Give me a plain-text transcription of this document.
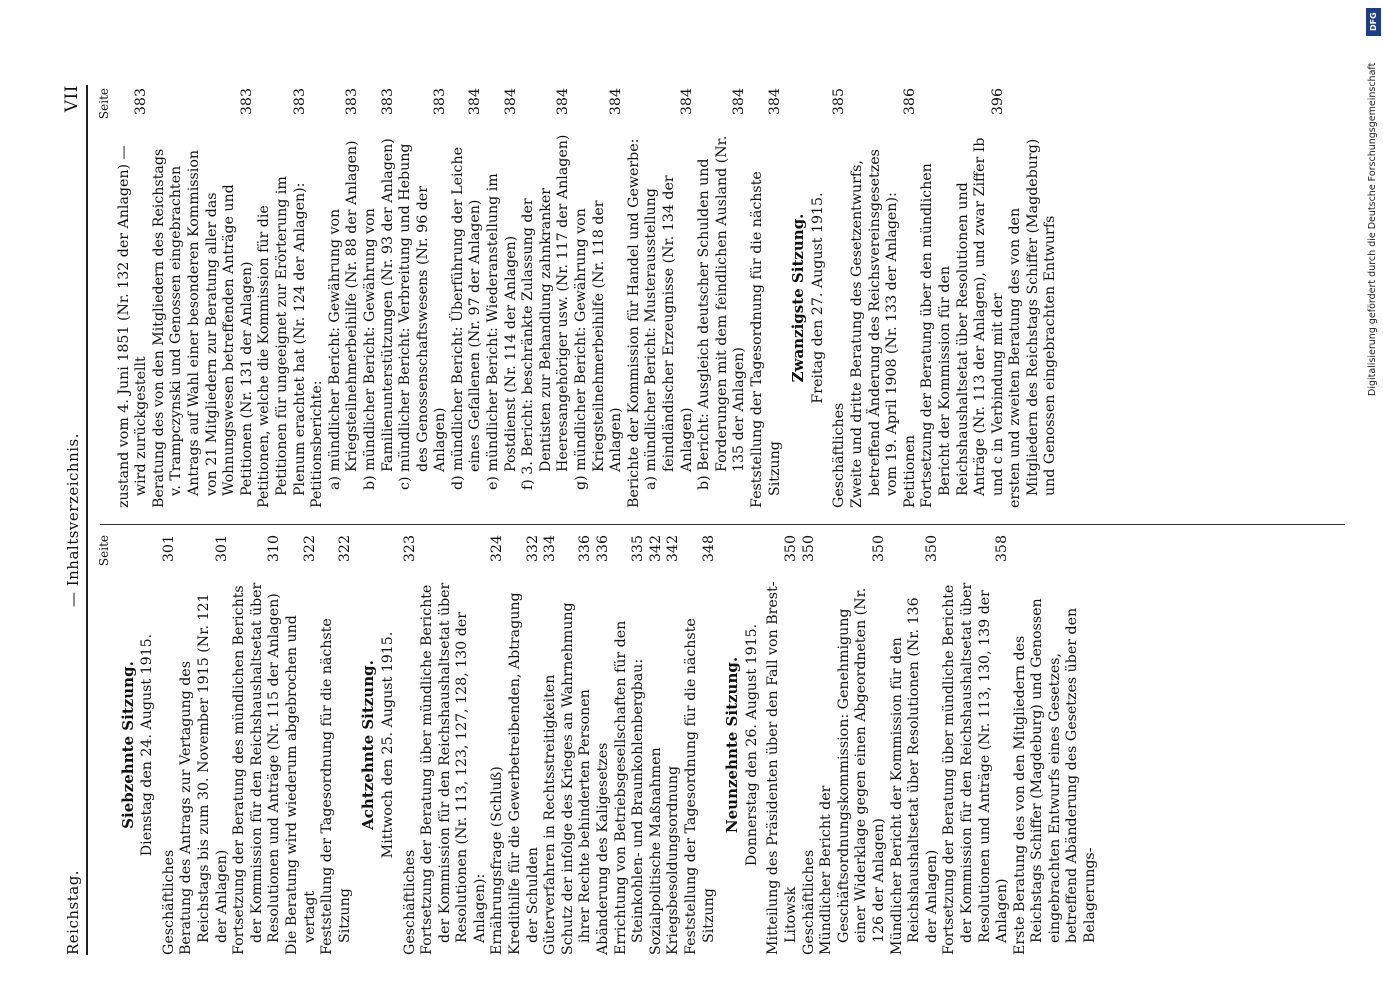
Reichstag.
— Inhaltsverzeichnis.
VII
Seite
Siebzehnte Sitzung. Dienstag den 24. August 1915.
Geschäftliches
301
Beratung des Antrags zur Vertagung des Reichstags bis zum 30. November 1915 (Nr. 121 der Anlagen)
301
Fortsetzung der Beratung des mündlichen Berichts der Kommission für den Reichshaushaltsetat über Resolutionen und Anträge (Nr. 115 der Anlagen)
310
Die Beratung wird wiederum abgebrochen und vertagt
322
Feststellung der Tagesordnung für die nächste Sitzung
322
Achtzehnte Sitzung. Mittwoch den 25. August 1915.
Geschäftliches
323
Fortsetzung der Beratung über mündliche Berichte der Kommission für den Reichshaushaltsetat über Resolutionen (Nr. 113, 123, 127, 128, 130 der Anlagen): Ernährungsfrage (Schluß)
324
Kredithilfe für die Gewerbetreibenden, Abtragung der Schulden
332
Güterverfahren in Rechtsstreitigkeiten
334
Schutz der infolge des Krieges an Wahrnehmung ihrer Rechte behinderten Personen
336
Abänderung des Kaligesetzes
336
Errichtung von Betriebsgesellschaften für den Steinkohlen- und Braunkohlenbergbau:
335
Sozialpolitische Maßnahmen
342
Kriegsbesoldungsordnung
342
Feststellung der Tagesordnung für die nächste Sitzung
348
Neunzehnte Sitzung. Donnerstag den 26. August 1915. Mitteilung des Präsidenten über den Fall von Brest-Litowsk
350
Geschäftliches
350
Mündlicher Bericht der Geschäftsordnungskommission: Genehmigung einer Widerklage gegen einen Abgeordneten (Nr. 126 der Anlagen)
350
Mündlicher Bericht der Kommission für den Reichshaushaltsetat über Resolutionen (Nr. 136 der Anlagen)
350
Fortsetzung der Beratung über mündliche Berichte der Kommission für den Reichshaushaltsetat über Resolutionen und Anträge (Nr. 113, 130, 139 der Anlagen)
358
Erste Beratung des von den Mitgliedern des Reichstags Schiffer (Magdeburg) und Genossen eingebrachten Entwurfs eines Gesetzes, betreffend Abänderung des Gesetzes über den Belagerungs-
Seite
zustand vom 4. Juni 1851 (Nr. 132 der Anlagen) — wird zurückgestellt
383
Beratung des von den Mitgliedern des Reichstags v. Trampczynski und Genossen eingebrachten Antrags auf Wahl einer besonderen Kommission von 21 Mitgliedern zur Beratung aller das Wohnungswesen betreffenden Anträge und Petitionen (Nr. 131 der Anlagen)
383
Petitionen, welche die Kommission für die Petitionen für ungeeignet zur Erörterung im Plenum erachtet hat (Nr. 124 der Anlagen):
383
Petitionsberichte: a) mündlicher Bericht: Gewährung von Kriegsteilnehmerbeihilfe (Nr. 88 der Anlagen)
383
b) mündlicher Bericht: Gewährung von Familienunterstützungen (Nr. 93 der Anlagen)
383
c) mündlicher Bericht: Verbreitung und Hebung des Genossenschaftswesens (Nr. 96 der Anlagen)
383
d) mündlicher Bericht: Überführung der Leiche eines Gefallenen (Nr. 97 der Anlagen)
384
e) mündlicher Bericht: Wiederanstellung im Postdienst (Nr. 114 der Anlagen)
384
f) 3. Bericht: beschränkte Zulassung der Dentisten zur Behandlung zahnkranker Heeresangehöriger usw. (Nr. 117 der Anlagen)
384
g) mündlicher Bericht: Gewährung von Kriegsteilnehmerbeihilfe (Nr. 118 der Anlagen)
384
Berichte der Kommission für Handel und Gewerbe: a) mündlicher Bericht: Musterausstellung feindländischer Erzeugnisse (Nr. 134 der Anlagen)
384
b) Bericht: Ausgleich deutscher Schulden und Forderungen mit dem feindlichen Ausland (Nr. 135 der Anlagen)
384
Feststellung der Tagesordnung für die nächste Sitzung
384
Zwanzigste Sitzung. Freitag den 27. August 1915.
Geschäftliches
385
Zweite und dritte Beratung des Gesetzentwurfs, betreffend Änderung des Reichsvereinsgesetzes vom 19. April 1908 (Nr. 133 der Anlagen): Petitionen
386
Fortsetzung der Beratung über den mündlichen Bericht der Kommission für den Reichshaushaltsetat über Resolutionen und Anträge (Nr. 113 der Anlagen), und zwar Ziffer Ib und c in Verbindung mit der
396
ersten und zweiten Beratung des von den Mitgliedern des Reichstags Schiffer (Magdeburg) und Genossen eingebrachten Entwurfs
DFG
Digitalisierung gefördert durch die Deutsche Forschungsgemeinschaft
